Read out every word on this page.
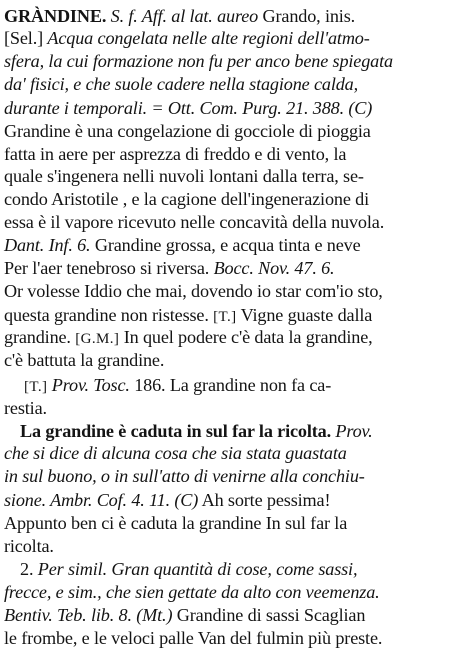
GRÀNDINE. S. f. Aff. al lat. aureo Grando, inis.
[Sel.] Acqua congelata nelle alte regioni dell'atmo-
sfera, la cui formazione non fu per anco bene spiegata
da' fisici, e che suole cadere nella stagione calda,
durante i temporali. = Ott. Com. Purg. 21. 388. (C)
Grandine è una congelazione di gocciole di pioggia
fatta in aere per asprezza di freddo e di vento, la
quale s'ingenera nelli nuvoli lontani dalla terra, se-
condo Aristotile , e la cagione dell'ingenerazione di
essa è il vapore ricevuto nelle concavità della nuvola.
Dant. Inf. 6. Grandine grossa, e acqua tinta e neve
Per l'aer tenebroso si riversa. Bocc. Nov. 47. 6.
Or volesse Iddio che mai, dovendo io star com'io sto,
questa grandine non ristesse. [T.] Vigne guaste dalla
grandine. [G.M.] In quel podere c'è data la grandine,
c'è battuta la grandine.
[T.] Prov. Tosc. 186. La grandine non fa ca-
restia.
La grandine è caduta in sul far la ricolta. Prov.
che si dice di alcuna cosa che sia stata guastata
in sul buono, o in sull'atto di venirne alla conchiu-
sione. Ambr. Cof. 4. 11. (C) Ah sorte pessima!
Appunto ben ci è caduta la grandine In sul far la
ricolta.
2. Per simil. Gran quantità di cose, come sassi,
frecce, e sim., che sien gettate da alto con veemenza.
Bentiv. Teb. lib. 8. (Mt.) Grandine di sassi Scaglian
le frombe, e le veloci palle Van del fulmin più preste.
